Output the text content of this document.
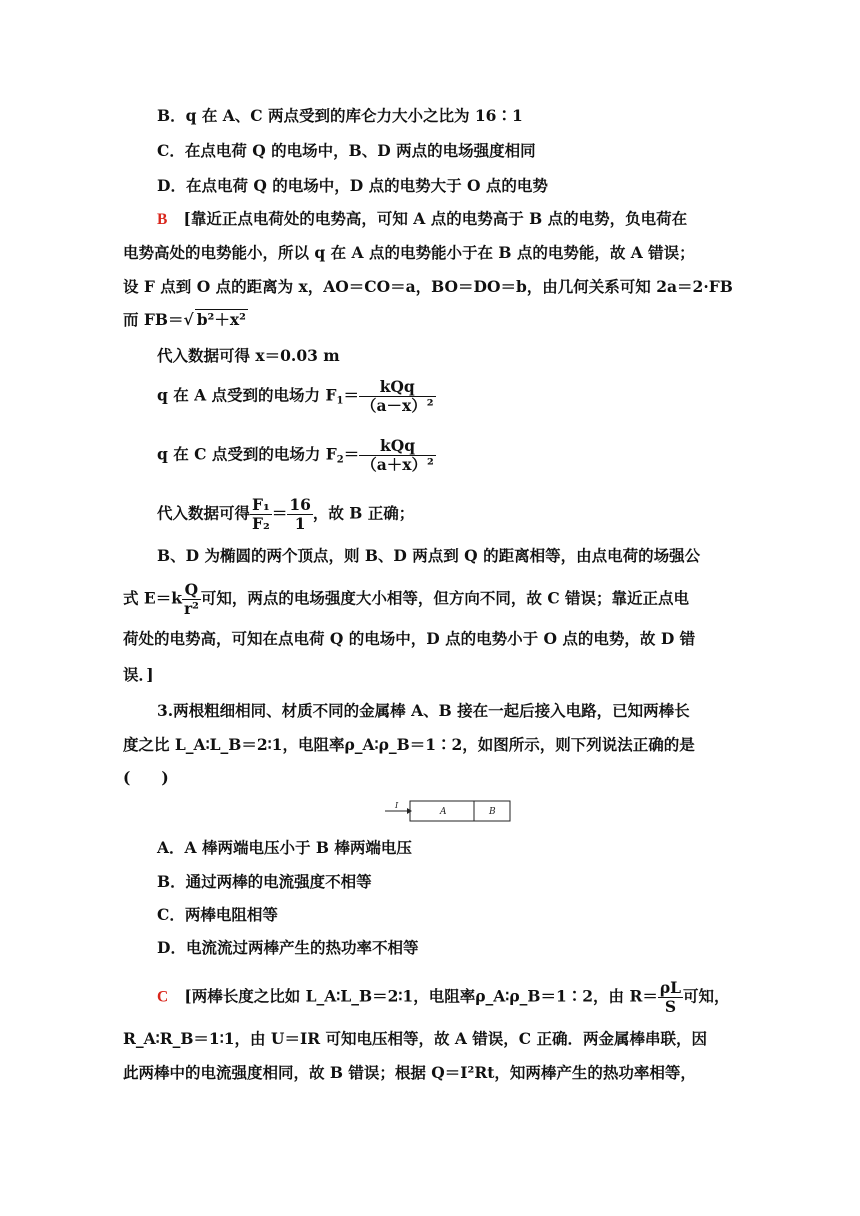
B．q 在 A、C 两点受到的库仑力大小之比为 16∶1
C．在点电荷 Q 的电场中，B、D 两点的电场强度相同
D．在点电荷 Q 的电场中，D 点的电势大于 O 点的电势
B [靠近正点电荷处的电势高，可知 A 点的电势高于 B 点的电势，负电荷在
电势高处的电势能小，所以 q 在 A 点的电势能小于在 B 点的电势能，故 A 错误；
设 F 点到 O 点的距离为 x，AO＝CO＝a，BO＝DO＝b，由几何关系可知 2a＝2·FB
而 FB＝√ b²＋x²
代入数据可得 x＝0.03 m
q 在 A 点受到的电场力 $F_1= \frac{\text{kQq}}{\text{（a－x）²}}$
q 在 C 点受到的电场力 $F_2= \frac{\text{kQq}}{\text{（a＋x）²}}$
代入数据可得 $\frac{\text{F₁}}{\text{F₂}} = \frac{16}{1}$ ，故 B 正确；
B、D 为椭圆的两个顶点，则 B、D 两点到 Q 的距离相等，由点电荷的场强公
式 $E=k \frac{Q}{\text{r²}}$ 可知，两点的电场强度大小相等，但方向不同，故 C 错误；靠近正点电
荷处的电势高，可知在点电荷 Q 的电场中，D 点的电势小于 O 点的电势，故 D 错
误．]
3.两根粗细相同、材质不同的金属棒 A、B 接在一起后接入电路，已知两棒长
度之比 L_A∶L_B＝2∶1，电阻率ρ_A∶ρ_B＝1∶2，如图所示，则下列说法正确的是
(　　)
I
A	B
A．A 棒两端电压小于 B 棒两端电压
B．通过两棒的电流强度不相等
C．两棒电阻相等
D．电流流过两棒产生的热功率不相等
C [两棒长度之比如 L_A∶L_B＝2∶1，电阻率ρ_A∶ρ_B＝1∶2，由 $R= \frac{\rho L}{S}$ 可知，
R_A∶R_B＝1∶1，由 U＝IR 可知电压相等，故 A 错误，C 正确．两金属棒串联，因
此两棒中的电流强度相同，故 B 错误；根据 Q＝I²Rt，知两棒产生的热功率相等，
